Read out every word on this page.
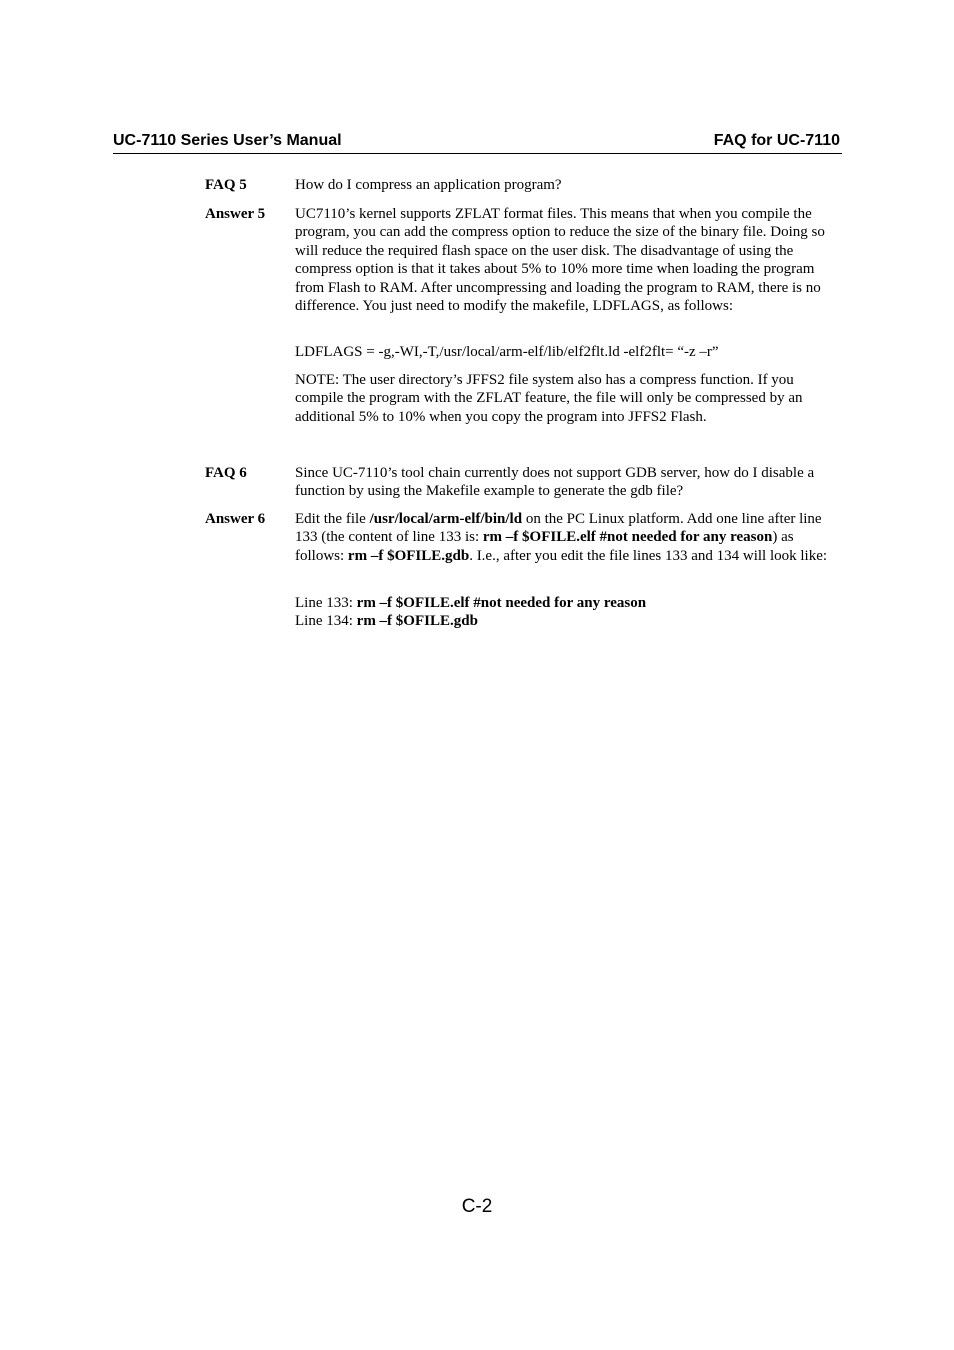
UC-7110 Series User’s Manual	FAQ for UC-7110
FAQ 5	How do I compress an application program?
Answer 5 UC7110’s kernel supports ZFLAT format files. This means that when you compile the program, you can add the compress option to reduce the size of the binary file. Doing so will reduce the required flash space on the user disk. The disadvantage of using the compress option is that it takes about 5% to 10% more time when loading the program from Flash to RAM. After uncompressing and loading the program to RAM, there is no difference. You just need to modify the makefile, LDFLAGS, as follows:
LDFLAGS = -g,-WI,-T,/usr/local/arm-elf/lib/elf2flt.ld -elf2flt= “-z –r”
NOTE: The user directory’s JFFS2 file system also has a compress function. If you compile the program with the ZFLAT feature, the file will only be compressed by an additional 5% to 10% when you copy the program into JFFS2 Flash.
FAQ 6	Since UC-7110’s tool chain currently does not support GDB server, how do I disable a function by using the Makefile example to generate the gdb file?
Answer 6 Edit the file /usr/local/arm-elf/bin/ld on the PC Linux platform. Add one line after line 133 (the content of line 133 is: rm –f $OFILE.elf #not needed for any reason) as follows: rm –f $OFILE.gdb. I.e., after you edit the file lines 133 and 134 will look like:
Line 133: rm –f $OFILE.elf #not needed for any reason
Line 134: rm –f $OFILE.gdb
C-2
